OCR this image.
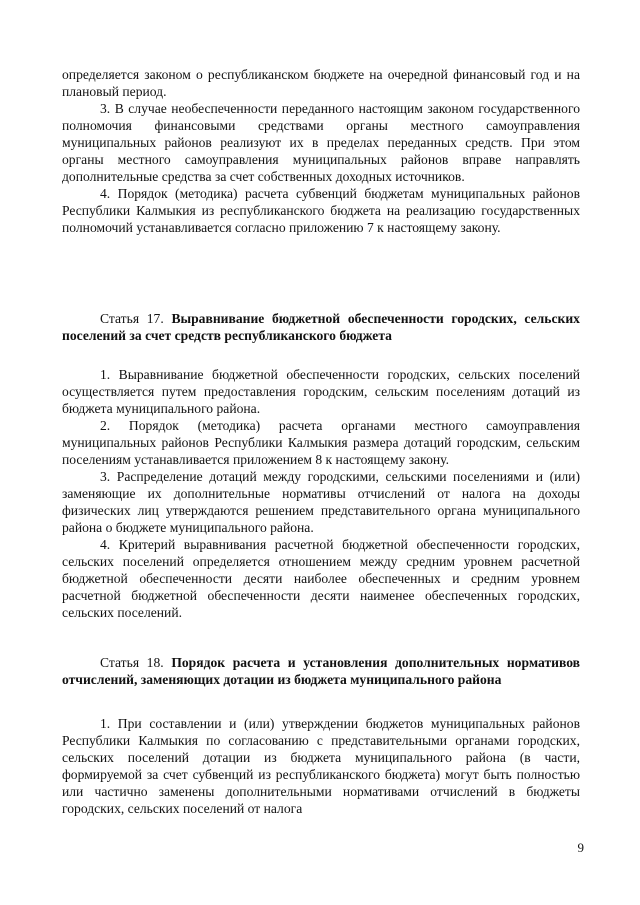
определяется законом о республиканском бюджете на очередной финансовый год и на плановый период.

3. В случае необеспеченности переданного настоящим законом государственного полномочия финансовыми средствами органы местного самоуправления муниципальных районов реализуют их в пределах переданных средств. При этом органы местного самоуправления муниципальных районов вправе направлять дополнительные средства за счет собственных доходных источников.

4. Порядок (методика) расчета субвенций бюджетам муниципальных районов Республики Калмыкия из республиканского бюджета на реализацию государственных полномочий устанавливается согласно приложению 7 к настоящему закону.

Статья 17. Выравнивание бюджетной обеспеченности городских, сельских поселений за счет средств республиканского бюджета

1. Выравнивание бюджетной обеспеченности городских, сельских поселений осуществляется путем предоставления городским, сельским поселениям дотаций из бюджета муниципального района.

2. Порядок (методика) расчета органами местного самоуправления муниципальных районов Республики Калмыкия размера дотаций городским, сельским поселениям устанавливается приложением 8 к настоящему закону.

3. Распределение дотаций между городскими, сельскими поселениями и (или) заменяющие их дополнительные нормативы отчислений от налога на доходы физических лиц утверждаются решением представительного органа муниципального района о бюджете муниципального района.

4. Критерий выравнивания расчетной бюджетной обеспеченности городских, сельских поселений определяется отношением между средним уровнем расчетной бюджетной обеспеченности десяти наиболее обеспеченных и средним уровнем расчетной бюджетной обеспеченности десяти наименее обеспеченных городских, сельских поселений.

Статья 18. Порядок расчета и установления дополнительных нормативов отчислений, заменяющих дотации из бюджета муниципального района

1. При составлении и (или) утверждении бюджетов муниципальных районов Республики Калмыкия по согласованию с представительными органами городских, сельских поселений дотации из бюджета муниципального района (в части, формируемой за счет субвенций из республиканского бюджета) могут быть полностью или частично заменены дополнительными нормативами отчислений в бюджеты городских, сельских поселений от налога

9
